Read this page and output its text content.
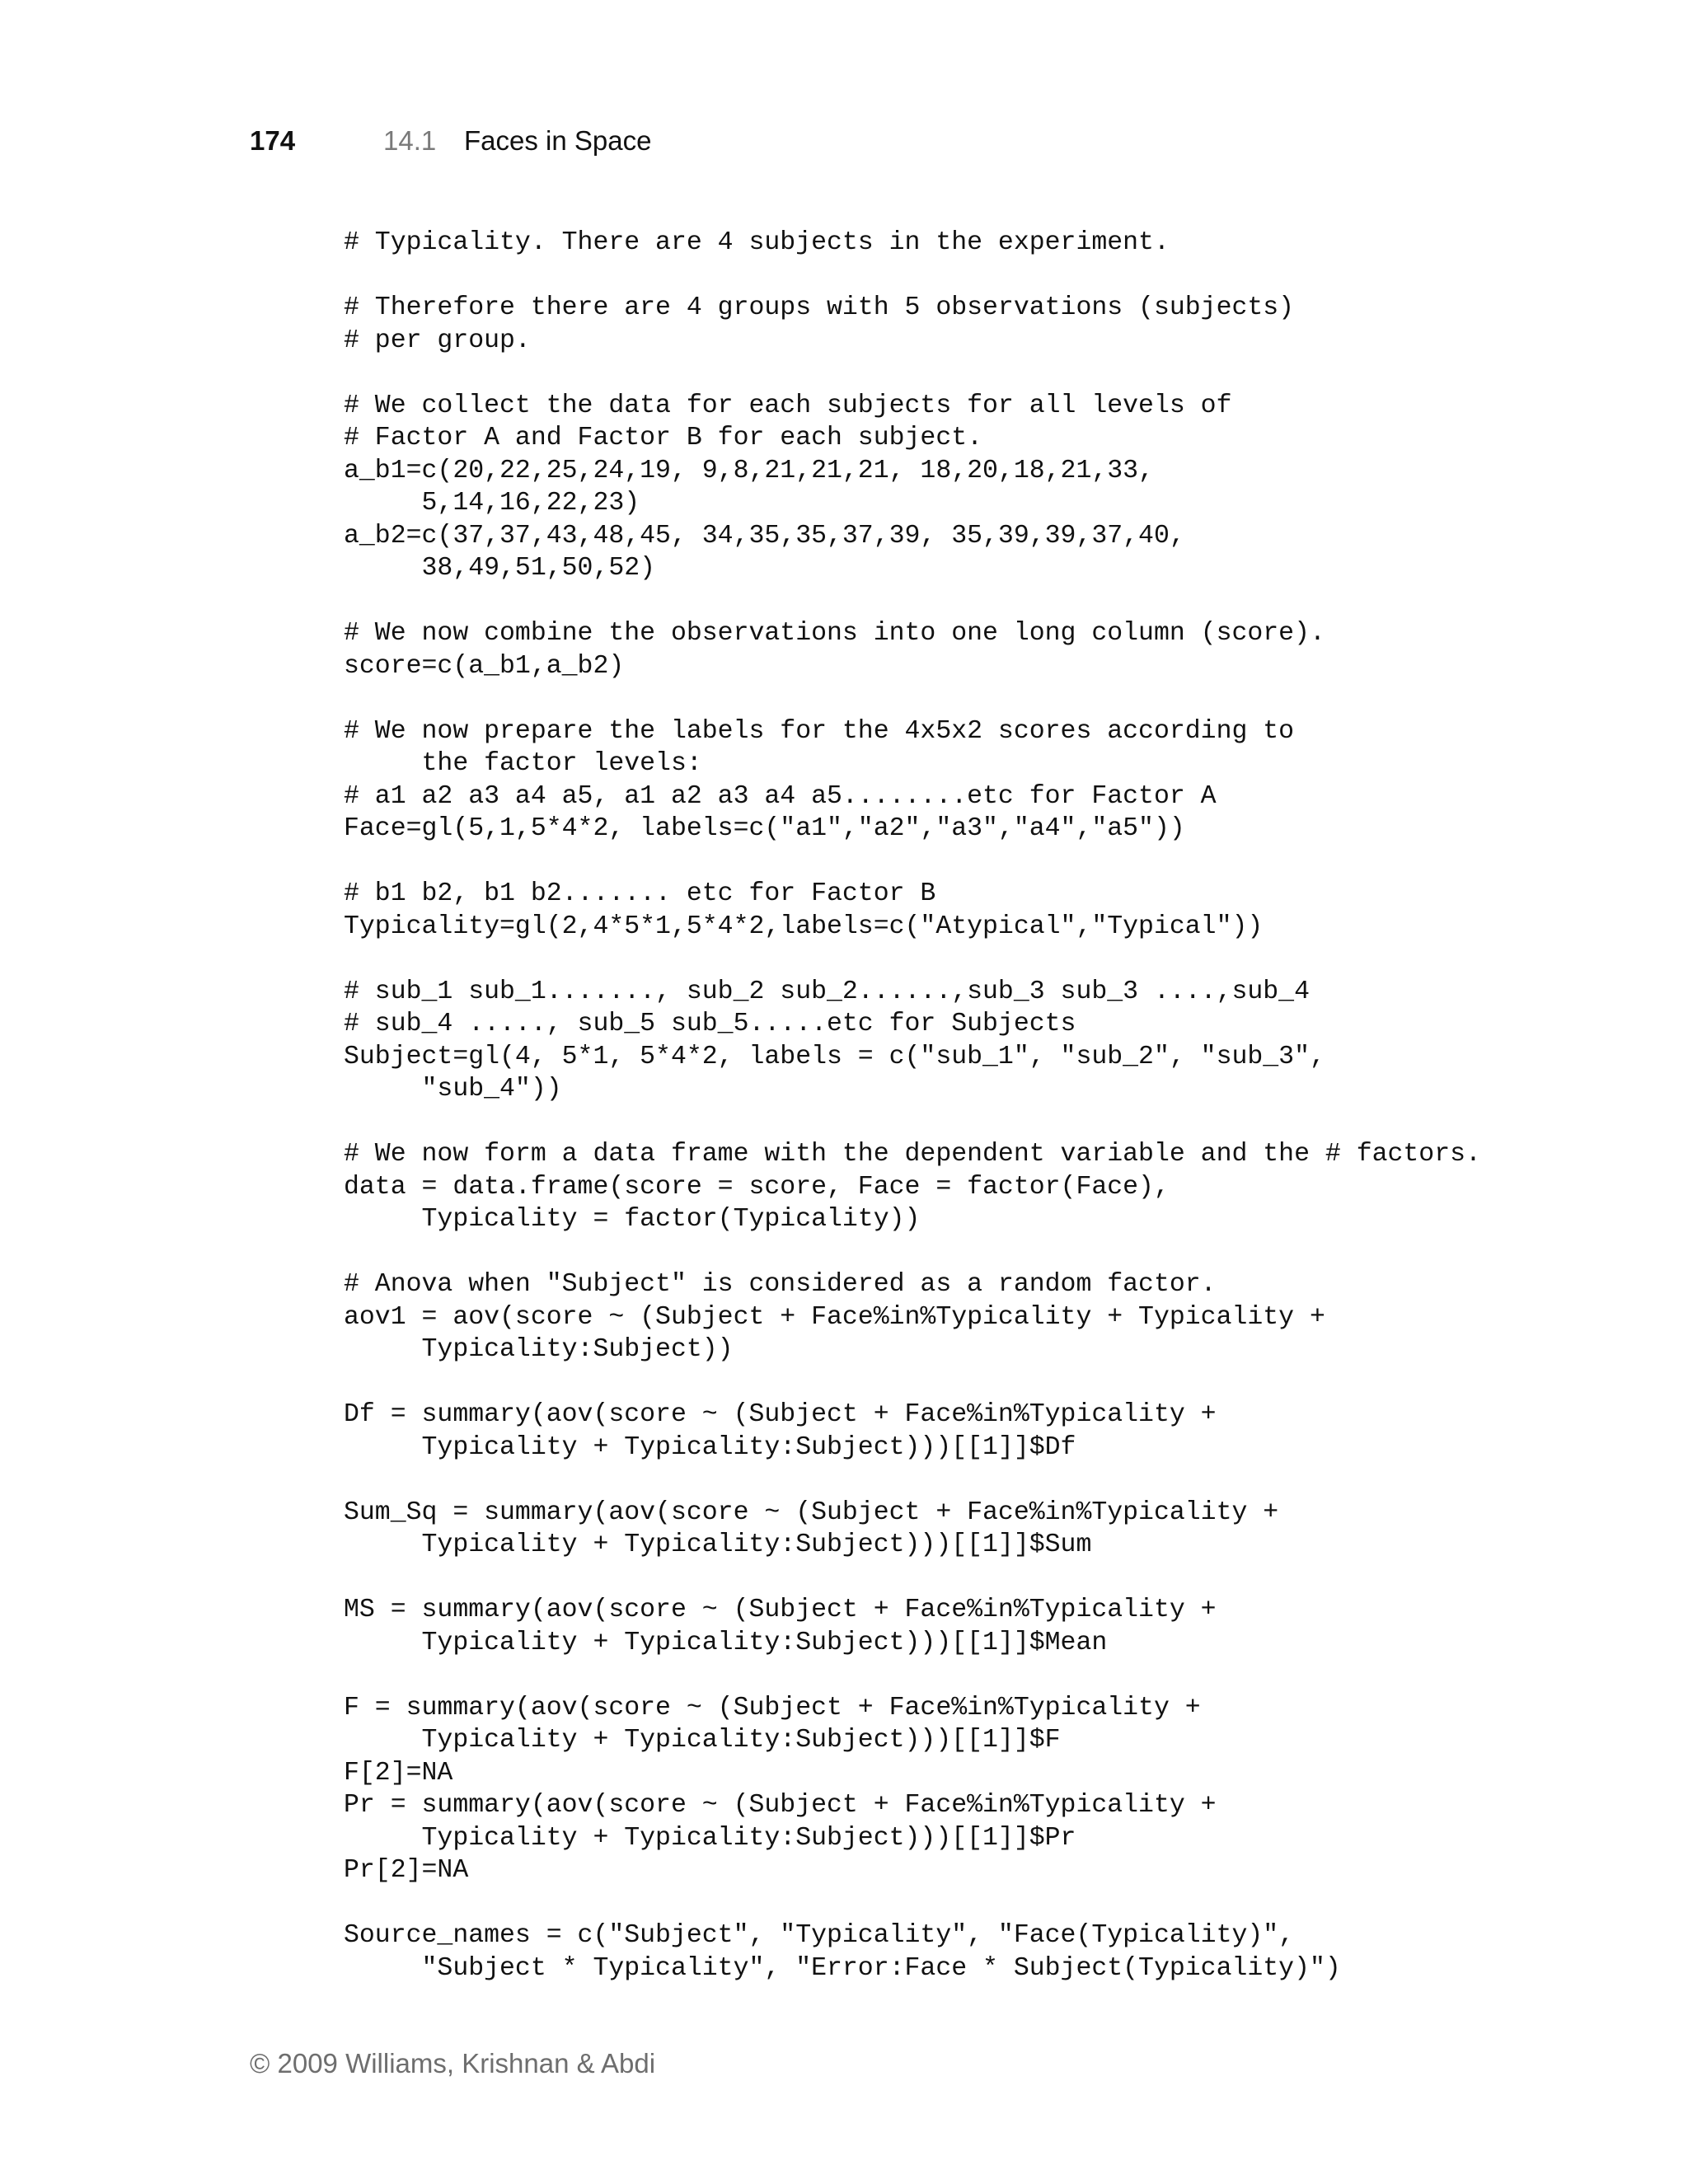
174	14.1	Faces in Space
# Typicality. There are 4 subjects in the experiment.
# Therefore there are 4 groups with 5 observations (subjects)
# per group.
# We collect the data for each subjects for all levels of
# Factor A and Factor B for each subject.
a_b1=c(20,22,25,24,19, 9,8,21,21,21, 18,20,18,21,33,
5,14,16,22,23)
a_b2=c(37,37,43,48,45, 34,35,35,37,39, 35,39,39,37,40,
38,49,51,50,52)
# We now combine the observations into one long column (score).
score=c(a_b1,a_b2)
# We now prepare the labels for the 4x5x2 scores according to
the factor levels:
# a1 a2 a3 a4 a5, a1 a2 a3 a4 a5........etc for Factor A
Face=gl(5,1,5*4*2, labels=c("a1","a2","a3","a4","a5"))
# b1 b2, b1 b2....... etc for Factor B
Typicality=gl(2,4*5*1,5*4*2,labels=c("Atypical","Typical"))
# sub_1 sub_1......., sub_2 sub_2......,sub_3 sub_3 ....,sub_4
# sub_4 ....., sub_5 sub_5.....etc for Subjects
Subject=gl(4, 5*1, 5*4*2, labels = c("sub_1", "sub_2", "sub_3",
"sub_4"))
# We now form a data frame with the dependent variable and the # factors.
data = data.frame(score = score, Face = factor(Face),
Typicality = factor(Typicality))
# Anova when "Subject" is considered as a random factor.
aov1 = aov(score ~ (Subject + Face%in%Typicality + Typicality +
Typicality:Subject))
Df = summary(aov(score ~ (Subject + Face%in%Typicality +
Typicality + Typicality:Subject)))[[1]]$Df
Sum_Sq = summary(aov(score ~ (Subject + Face%in%Typicality +
Typicality + Typicality:Subject)))[[1]]$Sum
MS = summary(aov(score ~ (Subject + Face%in%Typicality +
Typicality + Typicality:Subject)))[[1]]$Mean
F = summary(aov(score ~ (Subject + Face%in%Typicality +
Typicality + Typicality:Subject)))[[1]]$F
F[2]=NA
Pr = summary(aov(score ~ (Subject + Face%in%Typicality +
Typicality + Typicality:Subject)))[[1]]$Pr
Pr[2]=NA
Source_names = c("Subject", "Typicality", "Face(Typicality)",
"Subject * Typicality", "Error:Face * Subject(Typicality)")
© 2009 Williams, Krishnan & Abdi
